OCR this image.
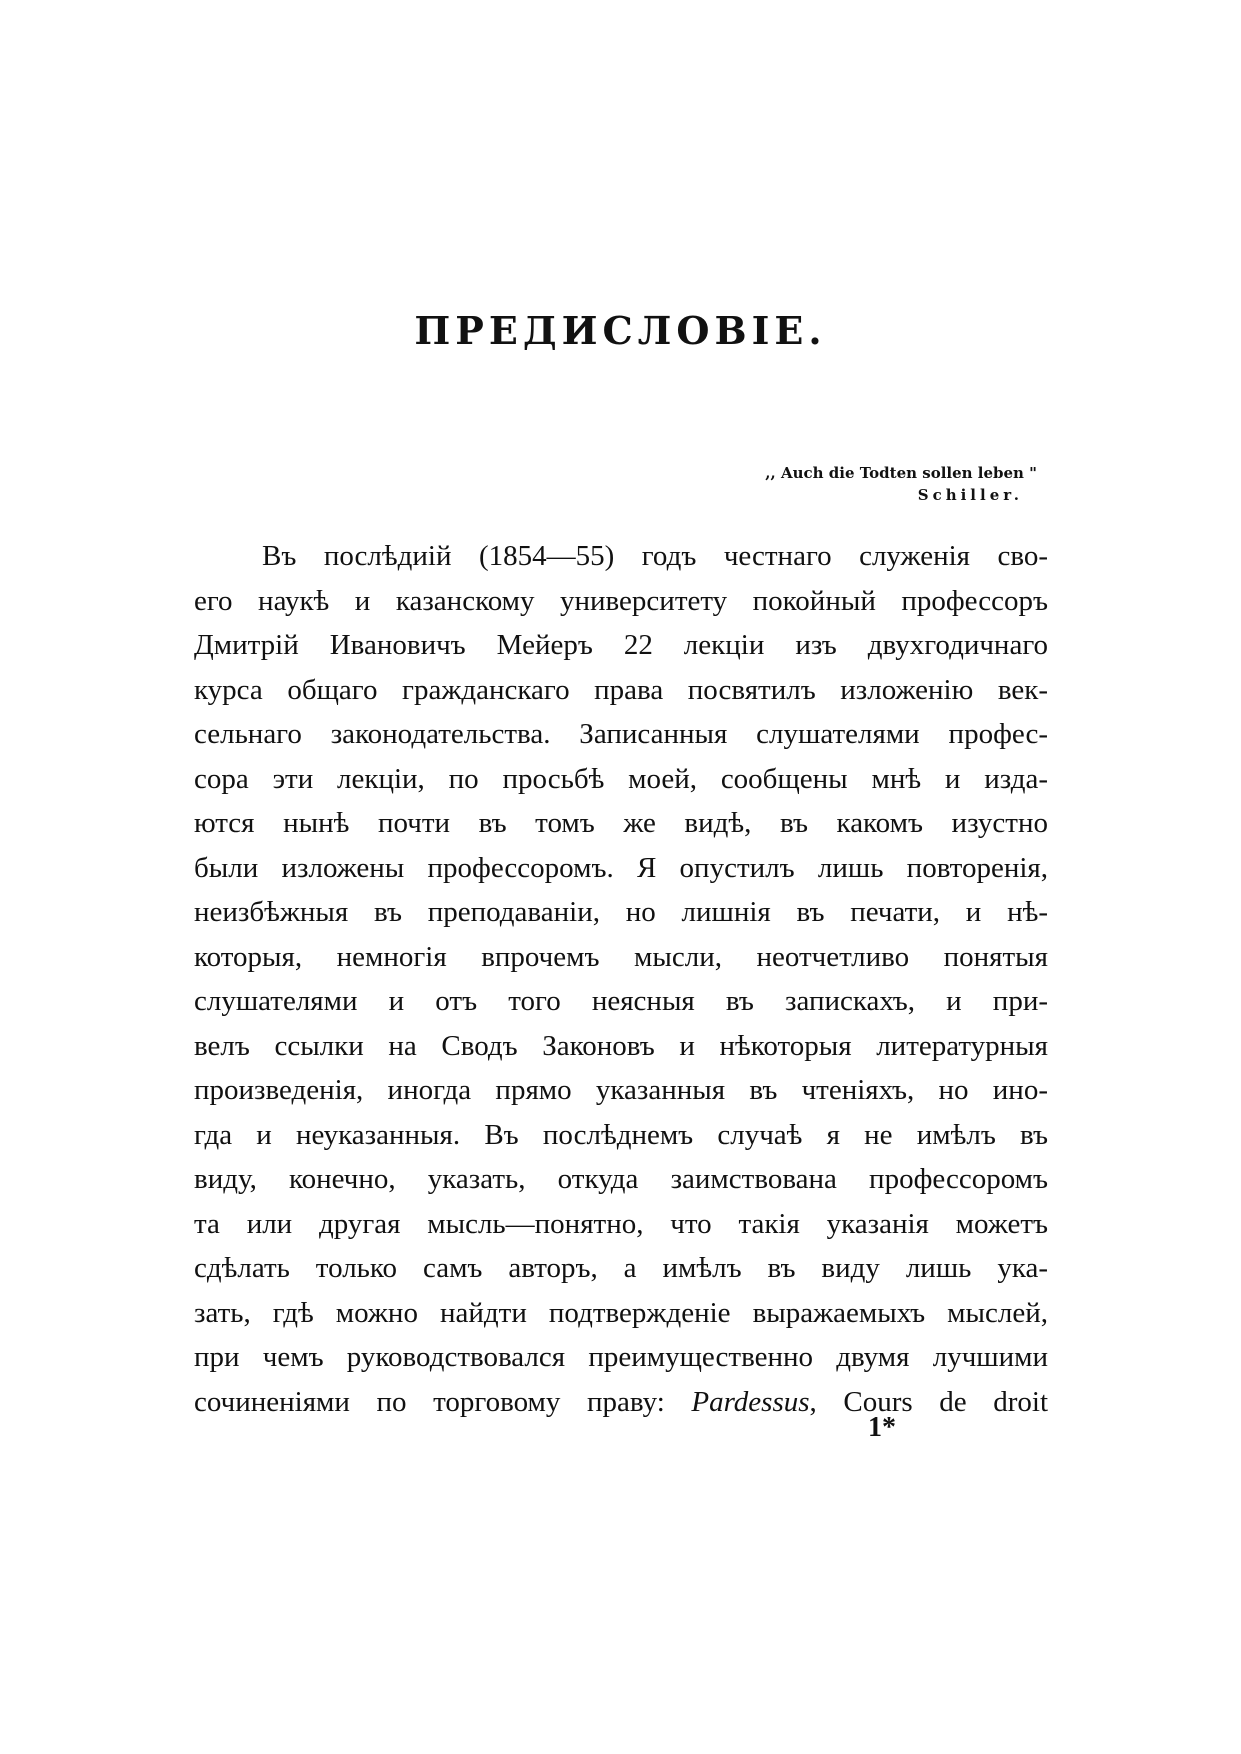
ПРЕДИСЛОВІЕ.
,, Auch die Todten sollen leben "
Schiller.
Въ послѣдиій (1854—55) годъ честнаго служенія сво-
его наукѣ и казанскому университету покойный профессоръ
Дмитрій Ивановичъ Мейеръ 22 лекціи изъ двухгодичнаго
курса общаго гражданскаго права посвятилъ изложенію век-
сельнаго законодательства. Записанныя слушателями профес-
сора эти лекціи, по просьбѣ моей, сообщены мнѣ и изда-
ются нынѣ почти въ томъ же видѣ, въ какомъ изустно
были изложены профессоромъ. Я опустилъ лишь повторенія,
неизбѣжныя въ преподаваніи, но лишнія въ печати, и нѣ-
которыя, немногія впрочемъ мысли, неотчетливо понятыя
слушателями и отъ того неясныя въ запискахъ, и при-
велъ ссылки на Сводъ Законовъ и нѣкоторыя литературныя
произведенія, иногда прямо указанныя въ чтеніяхъ, но ино-
гда и неуказанныя. Въ послѣднемъ случаѣ я не имѣлъ въ
виду, конечно, указать, откуда заимствована профессоромъ
та или другая мысль—понятно, что такія указанія можетъ
сдѣлать только самъ авторъ, а имѣлъ въ виду лишь ука-
зать, гдѣ можно найдти подтвержденіе выражаемыхъ мыслей,
при чемъ руководствовался преимущественно двумя лучшими
сочиненіями по торговому праву: Pardessus, Cours de droit
1*
